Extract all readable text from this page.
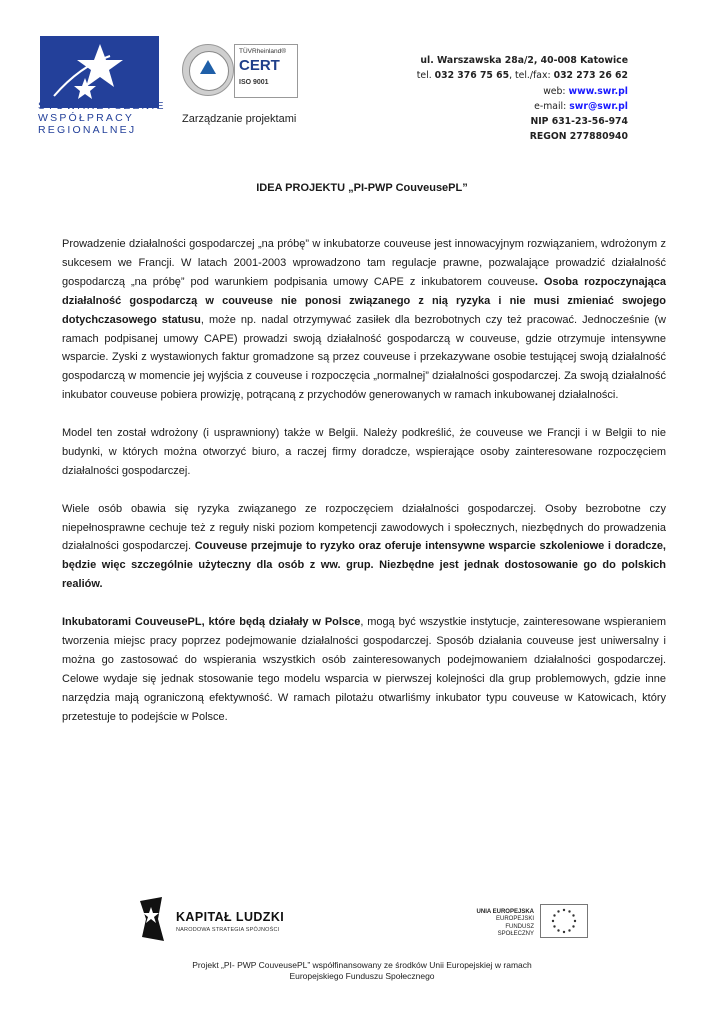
STOWARZYSZENIE
WSPÓŁPRACY
REGIONALNEJ
TÜVRheinland®
CERT
ISO 9001
Zarządzanie projektami
ul. Warszawska 28a/2, 40-008 Katowice
tel. 032 376 75 65, tel./fax: 032 273 26 62
web: www.swr.pl
e-mail: swr@swr.pl
NIP 631-23-56-974
REGON 277880940
IDEA PROJEKTU „PI-PWP CouveusePL”

Prowadzenie działalności gospodarczej „na próbę” w inkubatorze couveuse jest innowacyjnym rozwiązaniem, wdrożonym z sukcesem we Francji. W latach 2001-2003 wprowadzono tam regulacje prawne, pozwalające prowadzić działalność gospodarczą „na próbę” pod warunkiem podpisania umowy CAPE z inkubatorem couveuse. Osoba rozpoczynająca działalność gospodarczą w couveuse nie ponosi związanego z nią ryzyka i nie musi zmieniać swojego dotychczasowego statusu, może np. nadal otrzymywać zasiłek dla bezrobotnych czy też pracować. Jednocześnie (w ramach podpisanej umowy CAPE) prowadzi swoją działalność gospodarczą w couveuse, gdzie otrzymuje intensywne wsparcie. Zyski z wystawionych faktur gromadzone są przez couveuse i przekazywane osobie testującej swoją działalność gospodarczą w momencie jej wyjścia z couveuse i rozpoczęcia „normalnej” działalności gospodarczej. Za swoją działalność inkubator couveuse pobiera prowizję, potrącaną z przychodów generowanych w ramach inkubowanej działalności.

Model ten został wdrożony (i usprawniony) także w Belgii. Należy podkreślić, że couveuse we Francji i w Belgii to nie budynki, w których można otworzyć biuro, a raczej firmy doradcze, wspierające osoby zainteresowane rozpoczęciem działalności gospodarczej.

Wiele osób obawia się ryzyka związanego ze rozpoczęciem działalności gospodarczej. Osoby bezrobotne czy niepełnosprawne cechuje też z reguły niski poziom kompetencji zawodowych i społecznych, niezbędnych do prowadzenia działalności gospodarczej. Couveuse przejmuje to ryzyko oraz oferuje intensywne wsparcie szkoleniowe i doradcze, będzie więc szczególnie użyteczny dla osób z ww. grup. Niezbędne jest jednak dostosowanie go do polskich realiów.

Inkubatorami CouveusePL, które będą działały w Polsce, mogą być wszystkie instytucje, zainteresowane wspieraniem tworzenia miejsc pracy poprzez podejmowanie działalności gospodarczej. Sposób działania couveuse jest uniwersalny i można go zastosować do wspierania wszystkich osób zainteresowanych podejmowaniem działalności gospodarczej. Celowe wydaje się jednak stosowanie tego modelu wsparcia w pierwszej kolejności dla grup problemowych, gdzie inne narzędzia mają ograniczoną efektywność. W ramach pilotażu otwarliśmy inkubator typu couveuse w Katowicach, który przetestuje to podejście w Polsce.

KAPITAŁ LUDZKI
NARODOWA STRATEGIA SPÓJNOŚCI
UNIA EUROPEJSKA
EUROPEJSKI
FUNDUSZ SPOŁECZNY
Projekt „PI- PWP CouveusePL” współfinansowany ze środków Unii Europejskiej w ramach
Europejskiego Funduszu Społecznego
